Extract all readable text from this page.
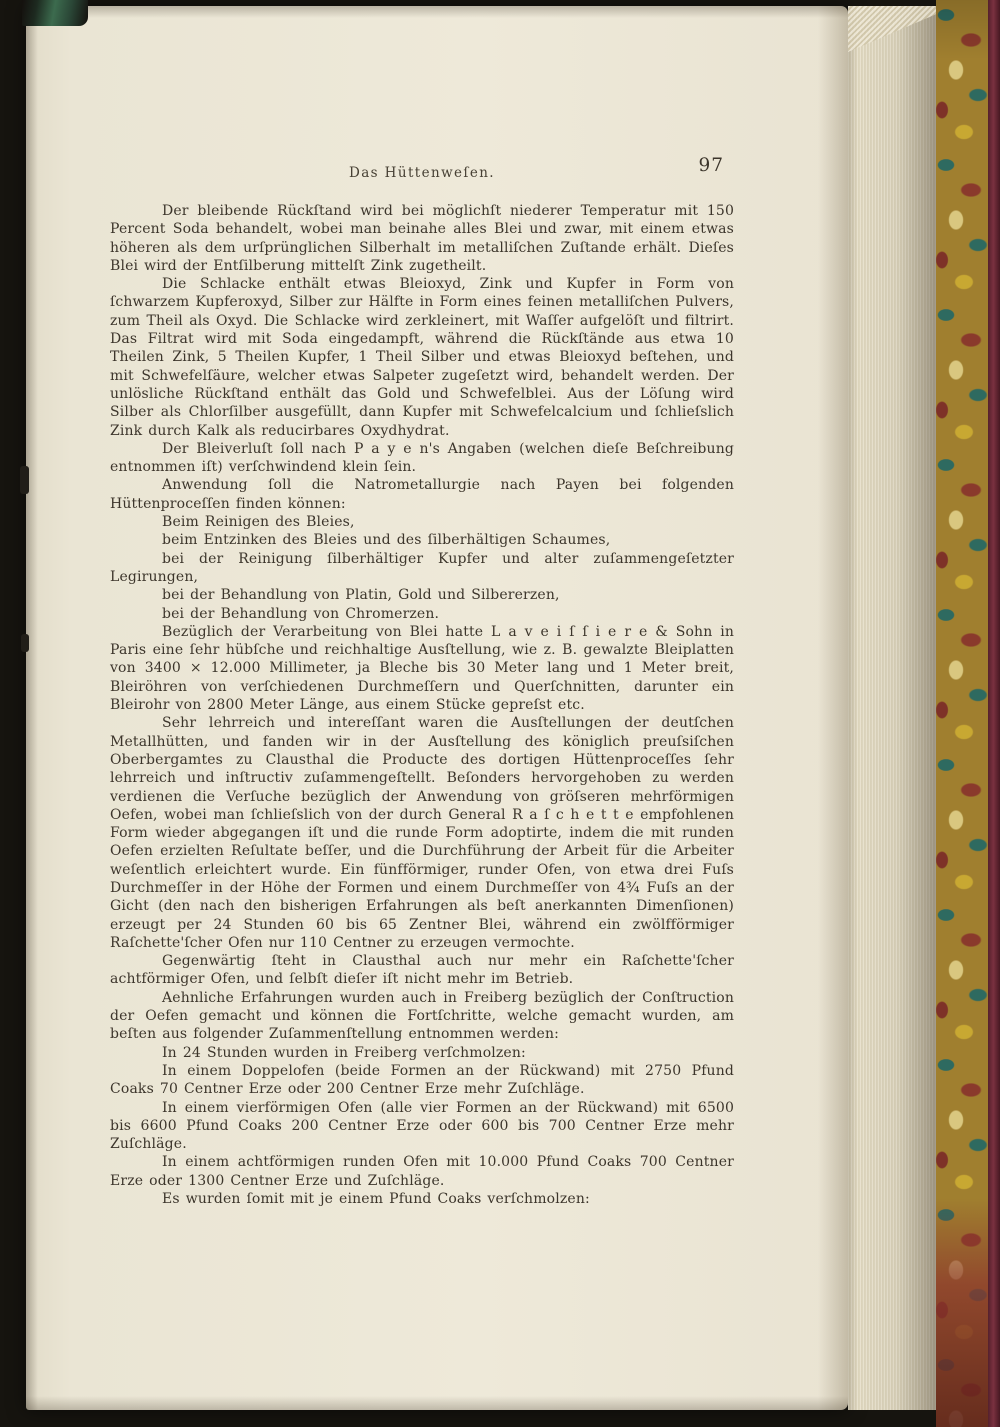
Das Hüttenweſen.	97

Der bleibende Rückſtand wird bei möglichſt niederer Temperatur mit 150 Percent Soda behandelt, wobei man beinahe alles Blei und zwar, mit einem etwas höheren als dem urſprünglichen Silberhalt im metalliſchen Zuſtande erhält. Dieſes Blei wird der Entſilberung mittelſt Zink zugetheilt.

Die Schlacke enthält etwas Bleioxyd, Zink und Kupfer in Form von ſchwarzem Kupferoxyd, Silber zur Hälfte in Form eines feinen metalliſchen Pulvers, zum Theil als Oxyd. Die Schlacke wird zerkleinert, mit Waſſer aufgelöſt und filtrirt. Das Filtrat wird mit Soda eingedampft, während die Rückſtände aus etwa 10 Theilen Zink, 5 Theilen Kupfer, 1 Theil Silber und etwas Bleioxyd beſtehen, und mit Schwefelſäure, welcher etwas Salpeter zugeſetzt wird, behandelt werden. Der unlösliche Rückſtand enthält das Gold und Schwefelblei. Aus der Löſung wird Silber als Chlorſilber ausgefüllt, dann Kupfer mit Schwefelcalcium und ſchlieſslich Zink durch Kalk als reducirbares Oxydhydrat.

Der Bleiverluſt ſoll nach P a y e n's Angaben (welchen dieſe Beſchreibung entnommen iſt) verſchwindend klein ſein.

Anwendung ſoll die Natrometallurgie nach Payen bei folgenden Hüttenproceſſen finden können:

Beim Reinigen des Bleies,

beim Entzinken des Bleies und des ſilberhältigen Schaumes,

bei der Reinigung ſilberhältiger Kupfer und alter zuſammengeſetzter Legirungen,

bei der Behandlung von Platin, Gold und Silbererzen,

bei der Behandlung von Chromerzen.

Bezüglich der Verarbeitung von Blei hatte L a v e i ſ ſ i e r e & Sohn in Paris eine ſehr hübſche und reichhaltige Ausſtellung, wie z. B. gewalzte Bleiplatten von 3400 × 12.000 Millimeter, ja Bleche bis 30 Meter lang und 1 Meter breit, Bleiröhren von verſchiedenen Durchmeſſern und Querſchnitten, darunter ein Bleirohr von 2800 Meter Länge, aus einem Stücke gepreſst etc.

Sehr lehrreich und intereſſant waren die Ausſtellungen der deutſchen Metallhütten, und fanden wir in der Ausſtellung des königlich preuſsiſchen Oberbergamtes zu Clausthal die Producte des dortigen Hüttenproceſſes ſehr lehrreich und inſtructiv zuſammengeſtellt. Beſonders hervorgehoben zu werden verdienen die Verſuche bezüglich der Anwendung von gröſseren mehrförmigen Oefen, wobei man ſchlieſslich von der durch General R a ſ c h e t t e empfohlenen Form wieder abgegangen iſt und die runde Form adoptirte, indem die mit runden Oefen erzielten Reſultate beſſer, und die Durchführung der Arbeit für die Arbeiter weſentlich erleichtert wurde. Ein fünfförmiger, runder Ofen, von etwa drei Fuſs Durchmeſſer in der Höhe der Formen und einem Durchmeſſer von 4¾ Fuſs an der Gicht (den nach den bisherigen Erfahrungen als beſt anerkannten Dimenſionen) erzeugt per 24 Stunden 60 bis 65 Zentner Blei, während ein zwölfförmiger Raſchette'ſcher Ofen nur 110 Centner zu erzeugen vermochte.

Gegenwärtig ſteht in Clausthal auch nur mehr ein Raſchette'ſcher achtförmiger Ofen, und ſelbſt dieſer iſt nicht mehr im Betrieb.

Aehnliche Erfahrungen wurden auch in Freiberg bezüglich der Conſtruction der Oefen gemacht und können die Fortſchritte, welche gemacht wurden, am beſten aus folgender Zuſammenſtellung entnommen werden:

In 24 Stunden wurden in Freiberg verſchmolzen:

In einem Doppelofen (beide Formen an der Rückwand) mit 2750 Pfund Coaks 70 Centner Erze oder 200 Centner Erze mehr Zuſchläge.

In einem vierförmigen Ofen (alle vier Formen an der Rückwand) mit 6500 bis 6600 Pfund Coaks 200 Centner Erze oder 600 bis 700 Centner Erze mehr Zuſchläge.

In einem achtförmigen runden Ofen mit 10.000 Pfund Coaks 700 Centner Erze oder 1300 Centner Erze und Zuſchläge.

Es wurden ſomit mit je einem Pfund Coaks verſchmolzen:
